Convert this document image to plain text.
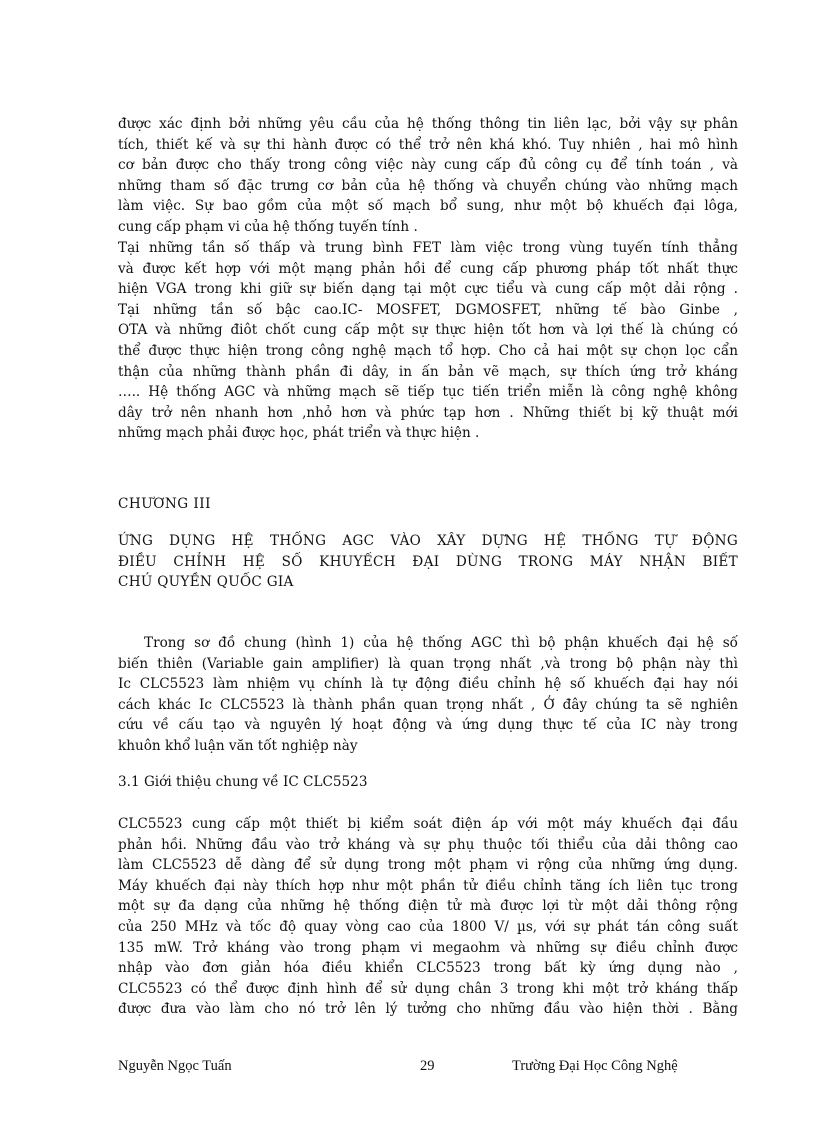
được xác định bởi những yêu cầu của hệ thống thông tin liên lạc, bởi vậy sự phân
tích, thiết kế và sự thi hành được có thể trở nên khá khó. Tuy nhiên , hai mô hình
cơ bản được cho thấy trong công việc này cung cấp đủ công cụ để tính toán , và
những tham số đặc trưng cơ bản của hệ thống và chuyển chúng vào những mạch
làm việc. Sự bao gồm của một số mạch bổ sung, như một bộ khuếch đại lôga,
cung cấp phạm vi của hệ thống tuyến tính .
Tại những tần số thấp và trung bình FET làm việc trong vùng tuyến tính thẳng
và được kết hợp với một mạng phản hồi để cung cấp phương pháp tốt nhất thực
hiện VGA trong khi giữ sự biến dạng tại một cực tiểu và cung cấp một dải rộng .
Tại những tần số bậc cao.IC- MOSFET, DGMOSFET, những tế bào Ginbe ,
OTA và những điôt chốt cung cấp một sự thực hiện tốt hơn và lợi thế là chúng có
thể được thực hiện trong công nghệ mạch tổ hợp. Cho cả hai một sự chọn lọc cẩn
thận của những thành phần đi dây, in ấn bản vẽ mạch, sự thích ứng trở kháng
….. Hệ thống AGC và những mạch sẽ tiếp tục tiến triển miễn là công nghệ không
dây trở nên nhanh hơn ,nhỏ hơn và phức tạp hơn . Những thiết bị kỹ thuật mới
những mạch phải được học, phát triển và thực hiện .
CHƯƠNG III
ỨNG DỤNG HỆ THỐNG AGC VÀO XÂY DỰNG HỆ THỐNG TỰ ĐỘNG
ĐIỀU CHỈNH HỆ SỐ KHUYẾCH ĐẠI DÙNG TRONG MÁY NHẬN BIẾT
CHỦ QUYỀN QUỐC GIA
Trong sơ đồ chung (hình 1) của hệ thống AGC thì bộ phận khuếch đại hệ số
biến thiên (Variable gain amplifier) là quan trọng nhất ,và trong bộ phận này thì
Ic CLC5523 làm nhiệm vụ chính là tự động điều chỉnh hệ số khuếch đại hay nói
cách khác Ic CLC5523 là thành phần quan trọng nhất , Ở đây chúng ta sẽ nghiên
cứu về cấu tạo và nguyên lý hoạt động và ứng dụng thực tế của IC này trong
khuôn khổ luận văn tốt nghiệp này
3.1 Giới thiệu chung về IC CLC5523
CLC5523 cung cấp một thiết bị kiểm soát điện áp với một máy khuếch đại đầu
phản hồi. Những đầu vào trở kháng và sự phụ thuộc tối thiểu của dải thông cao
làm CLC5523 dễ dàng để sử dụng trong một phạm vi rộng của những ứng dụng.
Máy khuếch đại này thích hợp như một phần tử điều chỉnh tăng ích liên tục trong
một sự đa dạng của những hệ thống điện tử mà được lợi từ một dải thông rộng
của 250 MHz và tốc độ quay vòng cao của 1800 V/ µs, với sự phát tán công suất
135 mW. Trở kháng vào trong phạm vi megaohm và những sự điều chỉnh được
nhập vào đơn giản hóa điều khiển CLC5523 trong bất kỳ ứng dụng nào ,
CLC5523 có thể được định hình để sử dụng chân 3 trong khi một trở kháng thấp
được đưa vào làm cho nó trở lên lý tưởng cho những đầu vào hiện thời . Bằng
Nguyễn Ngọc Tuấn	29	Trường Đại Học Công Nghệ
